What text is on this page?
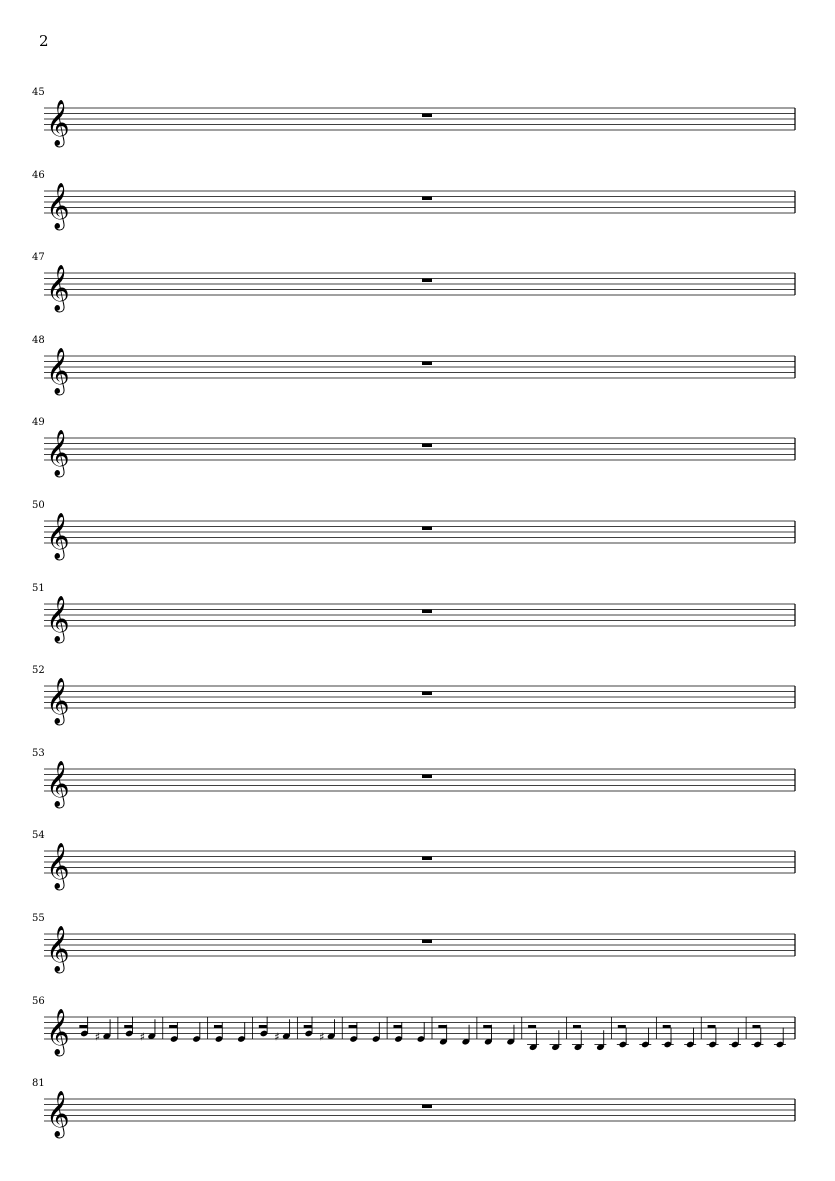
2
45
𝄞
46
𝄞
47
𝄞
48
𝄞
49
𝄞
50
𝄞
51
𝄞
52
𝄞
53
𝄞
54
𝄞
55
𝄞
56
𝄞 ♯	♯	♯	♯
81
𝄞
